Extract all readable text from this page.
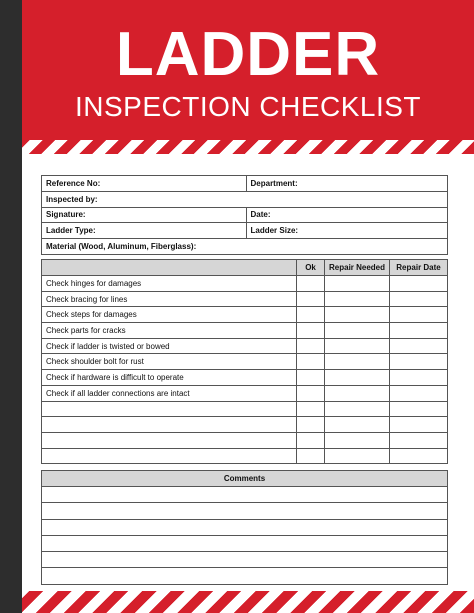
LADDER
INSPECTION CHECKLIST
Reference No:	Department:
Inspected by:	
Signature:	Date:
Ladder Type:	Ladder Size:
Material (Wood, Aluminum, Fiberglass):	
	Ok	Repair Needed	Repair Date
Check hinges for damages			
Check bracing for lines			
Check steps for damages			
Check parts for cracks			
Check if ladder is twisted or bowed			
Check shoulder bolt for rust			
Check if hardware is difficult to operate			
Check if all ladder connections are intact			

Comments
